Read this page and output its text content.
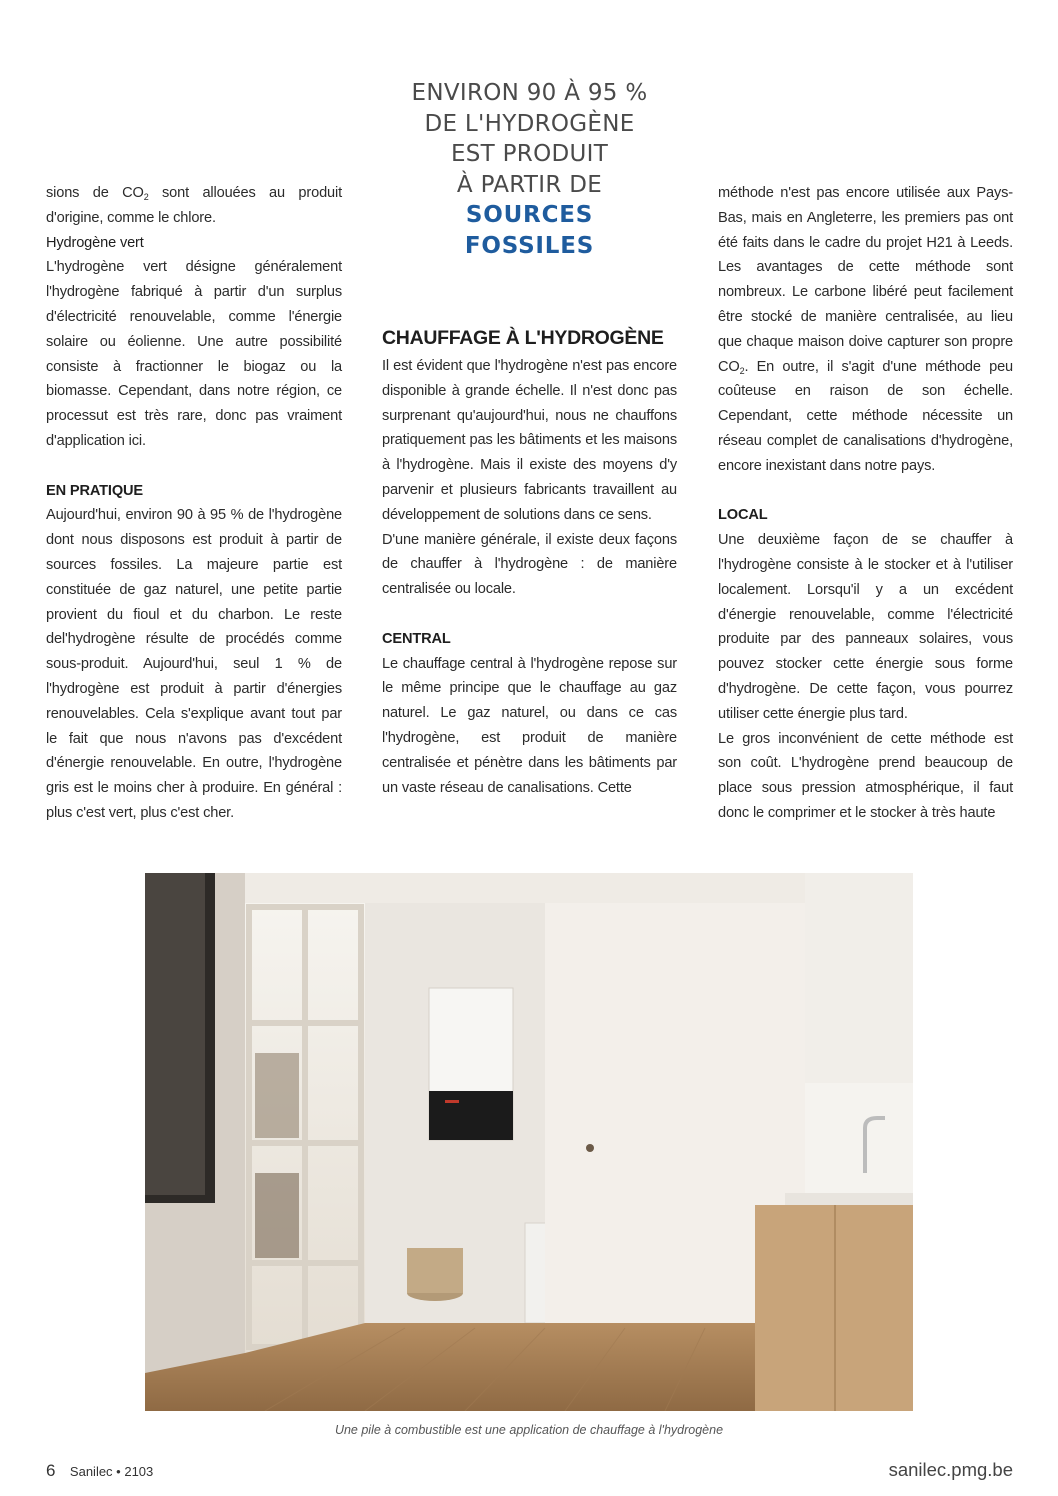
ENVIRON 90 À 95 %
DE L'HYDROGÈNE
EST PRODUIT
À PARTIR DE
SOURCES
FOSSILES

sions de $CO_2$ sont allouées au produit d'origine, comme le chlore.

Hydrogène vert

L'hydrogène vert désigne généralement l'hydrogène fabriqué à partir d'un surplus d'électricité renouvelable, comme l'énergie solaire ou éolienne. Une autre possibilité consiste à fractionner le biogaz ou la biomasse. Cependant, dans notre région, ce processut est très rare, donc pas vraiment d'application ici.

EN PRATIQUE

Aujourd'hui, environ 90 à 95 % de l'hydrogène dont nous disposons est produit à partir de sources fossiles. La majeure partie est constituée de gaz naturel, une petite partie provient du fioul et du charbon. Le reste del'hydrogène résulte de procédés comme sous-produit. Aujourd'hui, seul 1 % de l'hydrogène est produit à partir d'énergies renouvelables. Cela s'explique avant tout par le fait que nous n'avons pas d'excédent d'énergie renouvelable. En outre, l'hydrogène gris est le moins cher à produire. En général : plus c'est vert, plus c'est cher.

CHAUFFAGE À L'HYDROGÈNE

Il est évident que l'hydrogène n'est pas encore disponible à grande échelle. Il n'est donc pas surprenant qu'aujourd'hui, nous ne chauffons pratiquement pas les bâtiments et les maisons à l'hydrogène. Mais il existe des moyens d'y parvenir et plusieurs fabricants travaillent au développement de solutions dans ce sens.

D'une manière générale, il existe deux façons de chauffer à l'hydrogène : de manière centralisée ou locale.

CENTRAL

Le chauffage central à l'hydrogène repose sur le même principe que le chauffage au gaz naturel. Le gaz naturel, ou dans ce cas l'hydrogène, est produit de manière centralisée et pénètre dans les bâtiments par un vaste réseau de canalisations. Cette

méthode n'est pas encore utilisée aux Pays-Bas, mais en Angleterre, les premiers pas ont été faits dans le cadre du projet H21 à Leeds. Les avantages de cette méthode sont nombreux. Le carbone libéré peut facilement être stocké de manière centralisée, au lieu que chaque maison doive capturer son propre $CO_2$. En outre, il s'agit d'une méthode peu coûteuse en raison de son échelle. Cependant, cette méthode nécessite un réseau complet de canalisations d'hydrogène, encore inexistant dans notre pays.

LOCAL

Une deuxième façon de se chauffer à l'hydrogène consiste à le stocker et à l'utiliser localement. Lorsqu'il y a un excédent d'énergie renouvelable, comme l'électricité produite par des panneaux solaires, vous pouvez stocker cette énergie sous forme d'hydrogène. De cette façon, vous pourrez utiliser cette énergie plus tard.

Le gros inconvénient de cette méthode est son coût. L'hydrogène prend beaucoup de place sous pression atmosphérique, il faut donc le comprimer et le stocker à très haute

Une pile à combustible est une application de chauffage à l'hydrogène
6 Sanilec • 2103	sanilec.pmg.be
